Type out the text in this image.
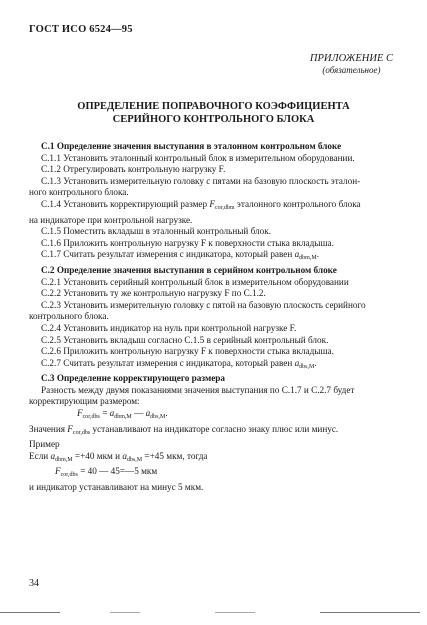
ГОСТ ИСО 6524—95
ПРИЛОЖЕНИЕ С
(обязательное)
ОПРЕДЕЛЕНИЕ ПОПРАВОЧНОГО КОЭФФИЦИЕНТА
СЕРИЙНОГО КОНТРОЛЬНОГО БЛОКА

С.1 Определение значения выступания в эталонном контрольном блоке

С.1.1 Установить эталонный контрольный блок в измерительном оборудовании.

С.1.2 Отрегулировать контрольную нагрузку F.

С.1.3 Установить измерительную головку с пятами на базовую плоскость эталон-

ного контрольного блока.

С.1.4 Установить корректирующий размер $F_{cor,dbm}$ эталонного контрольного блока

на индикаторе при контрольной нагрузке.

С.1.5 Поместить вкладыш в эталонный контрольный блок.

С.1.6 Приложить контрольную нагрузку F к поверхности стыка вкладыша.

С.1.7 Считать результат измерения с индикатора, который равен $a_{dbm,M}$.

С.2 Определение значения выступания в серийном контрольном блоке

С.2.1 Установить серийный контрольный блок в измерительном оборудовании

С.2.2 Установить ту же контрольную нагрузку F по С.1.2.

С.2.3 Установить измерительную головку с пятой на базовую плоскость серийного

контрольного блока.

С.2.4 Установить индикатор на нуль при контрольной нагрузке F.

С.2.5 Установить вкладыш согласно С.1.5 в серийный контрольный блок.

С.2.6 Приложить контрольную нагрузку F к поверхности стыка вкладыша.

С.2.7 Считать результат измерения с индикатора, который равен $a_{dbs,M}$.

С.3 Определение корректирующего размера

Разность между двумя показаниями значения выступания по С.1.7 и С.2.7 будет

корректирующим размером:

$F_{cor,dbs} = a_{dbm,M}$ — $a_{dbs,M}$.

Значения $F_{cor,dbs}$ устанавливают на индикаторе согласно знаку плюс или минус.

Пример

Если $a_{dbm,M} =+40$ мкм и $a_{dbs,M} =+45$ мкм, тогда

$F_{cor,dbs} = 40$ — 45=—5 мкм

и индикатор устанавливают на минус 5 мкм.

34
